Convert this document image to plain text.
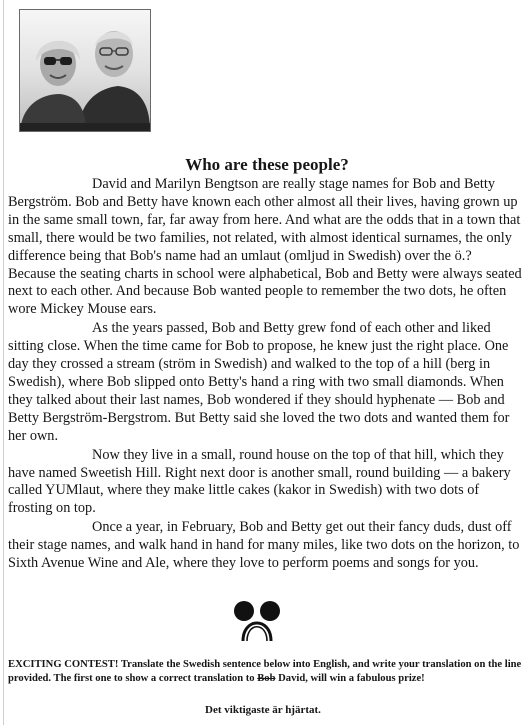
Who are these people?

David and Marilyn Bengtson are really stage names for Bob and Betty Bergström. Bob and Betty have known each other almost all their lives, having grown up in the same small town, far, far away from here. And what are the odds that in a town that small, there would be two families, not related, with almost identical surnames, the only difference being that Bob's name had an umlaut (omljud in Swedish) over the ö.? Because the seating charts in school were alphabetical, Bob and Betty were always seated next to each other. And because Bob wanted people to remember the two dots, he often wore Mickey Mouse ears.

As the years passed, Bob and Betty grew fond of each other and liked sitting close. When the time came for Bob to propose, he knew just the right place. One day they crossed a stream (ström in Swedish) and walked to the top of a hill (berg in Swedish), where Bob slipped onto Betty's hand a ring with two small diamonds. When they talked about their last names, Bob wondered if they should hyphenate — Bob and Betty Bergström-Bergstrom. But Betty said she loved the two dots and wanted them for her own.

Now they live in a small, round house on the top of that hill, which they have named Sweetish Hill. Right next door is another small, round building — a bakery called YUMlaut, where they make little cakes (kakor in Swedish) with two dots of frosting on top.

Once a year, in February, Bob and Betty get out their fancy duds, dust off their stage names, and walk hand in hand for many miles, like two dots on the horizon, to Sixth Avenue Wine and Ale, where they love to perform poems and songs for you.

EXCITING CONTEST! Translate the Swedish sentence below into English, and write your translation on the line provided. The first one to show a correct translation to Bob David, will win a fabulous prize!
Det viktigaste är hjärtat.
